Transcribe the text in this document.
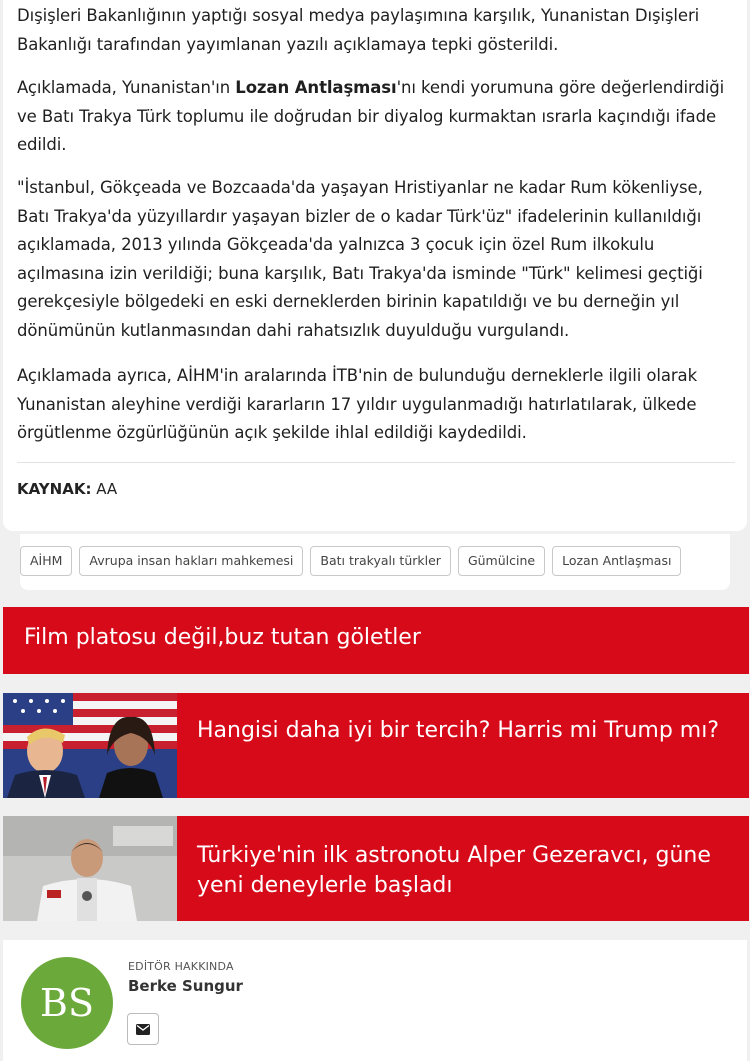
Dışişleri Bakanlığının yaptığı sosyal medya paylaşımına karşılık, Yunanistan Dışişleri Bakanlığı tarafından yayımlanan yazılı açıklamaya tepki gösterildi.

Açıklamada, Yunanistan'ın Lozan Antlaşması'nı kendi yorumuna göre değerlendirdiği ve Batı Trakya Türk toplumu ile doğrudan bir diyalog kurmaktan ısrarla kaçındığı ifade edildi.

"İstanbul, Gökçeada ve Bozcaada'da yaşayan Hristiyanlar ne kadar Rum kökenliyse, Batı Trakya'da yüzyıllardır yaşayan bizler de o kadar Türk'üz" ifadelerinin kullanıldığı açıklamada, 2013 yılında Gökçeada'da yalnızca 3 çocuk için özel Rum ilkokulu açılmasına izin verildiği; buna karşılık, Batı Trakya'da isminde "Türk" kelimesi geçtiği gerekçesiyle bölgedeki en eski derneklerden birinin kapatıldığı ve bu derneğin yıl dönümünün kutlanmasından dahi rahatsızlık duyulduğu vurgulandı.

Açıklamada ayrıca, AİHM'in aralarında İTB'nin de bulunduğu derneklerle ilgili olarak Yunanistan aleyhine verdiği kararların 17 yıldır uygulanmadığı hatırlatılarak, ülkede örgütlenme özgürlüğünün açık şekilde ihlal edildiği kaydedildi.

KAYNAK: AA
AİHM	Avrupa insan hakları mahkemesi	Batı trakyalı türkler	Gümülcine	Lozan Antlaşması
Film platosu değil,buz tutan göletler
Hangisi daha iyi bir tercih? Harris mi Trump mı?
Türkiye'nin ilk astronotu Alper Gezeravcı, güne yeni deneylerle başladı
BS
EDİTÖR HAKKINDA
Berke Sungur
